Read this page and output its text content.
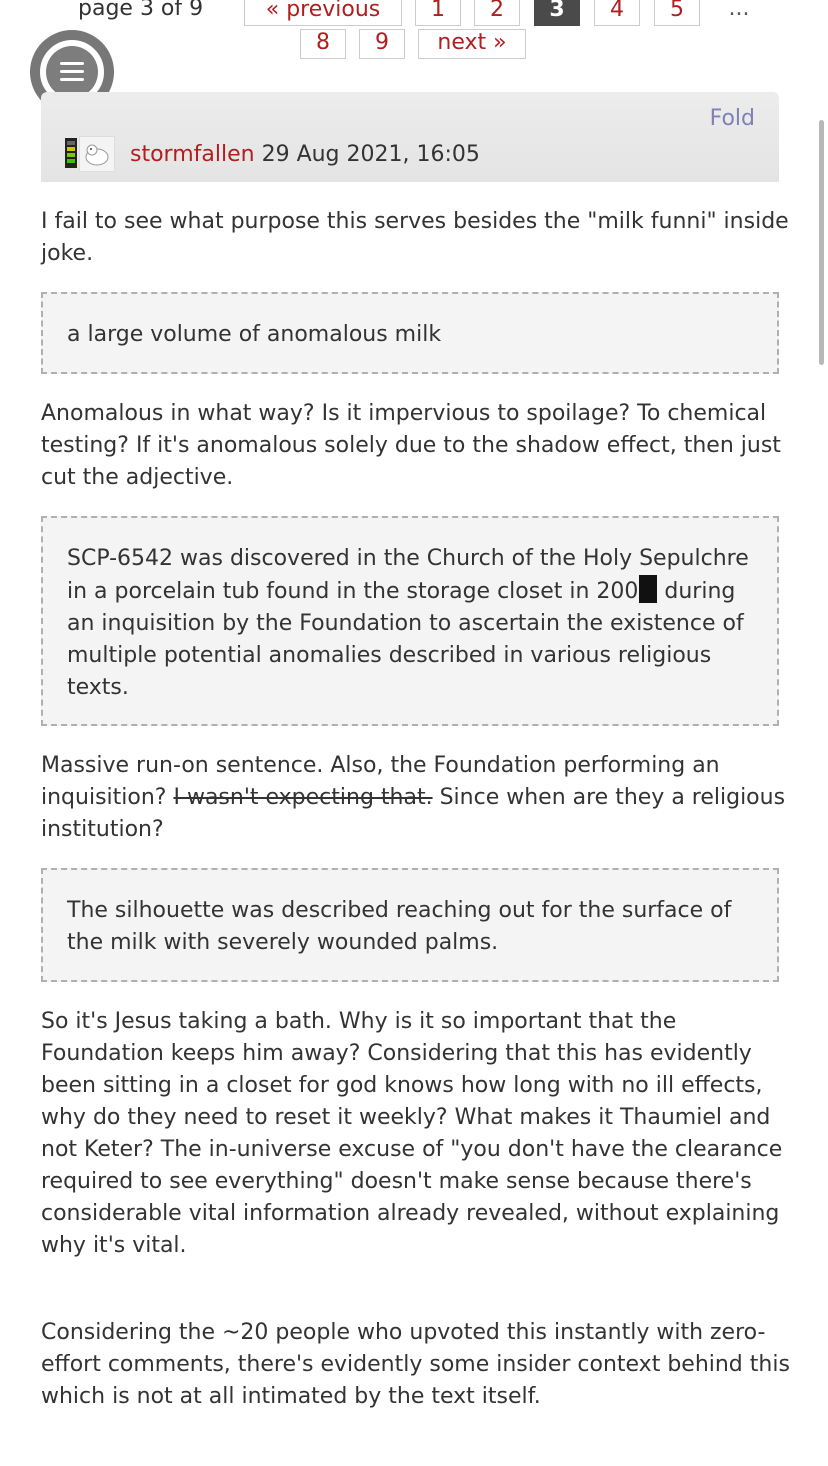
page 3 of 9	« previous	1	2	3	4	5	...
8	9	next »
Fold
stormfallen 29 Aug 2021, 16:05

I fail to see what purpose this serves besides the "milk funni" inside joke.

a large volume of anomalous milk

Anomalous in what way? Is it impervious to spoilage? To chemical testing? If it's anomalous solely due to the shadow effect, then just cut the adjective.

SCP-6542 was discovered in the Church of the Holy Sepulchre in a porcelain tub found in the storage closet in 200 during an inquisition by the Foundation to ascertain the existence of multiple potential anomalies described in various religious texts.

Massive run-on sentence. Also, the Foundation performing an inquisition? I wasn't expecting that. Since when are they a religious institution?

The silhouette was described reaching out for the surface of the milk with severely wounded palms.

So it's Jesus taking a bath. Why is it so important that the Foundation keeps him away? Considering that this has evidently been sitting in a closet for god knows how long with no ill effects, why do they need to reset it weekly? What makes it Thaumiel and not Keter? The in-universe excuse of "you don't have the clearance required to see everything" doesn't make sense because there's considerable vital information already revealed, without explaining why it's vital.

Considering the ~20 people who upvoted this instantly with zero-effort comments, there's evidently some insider context behind this which is not at all intimated by the text itself.
